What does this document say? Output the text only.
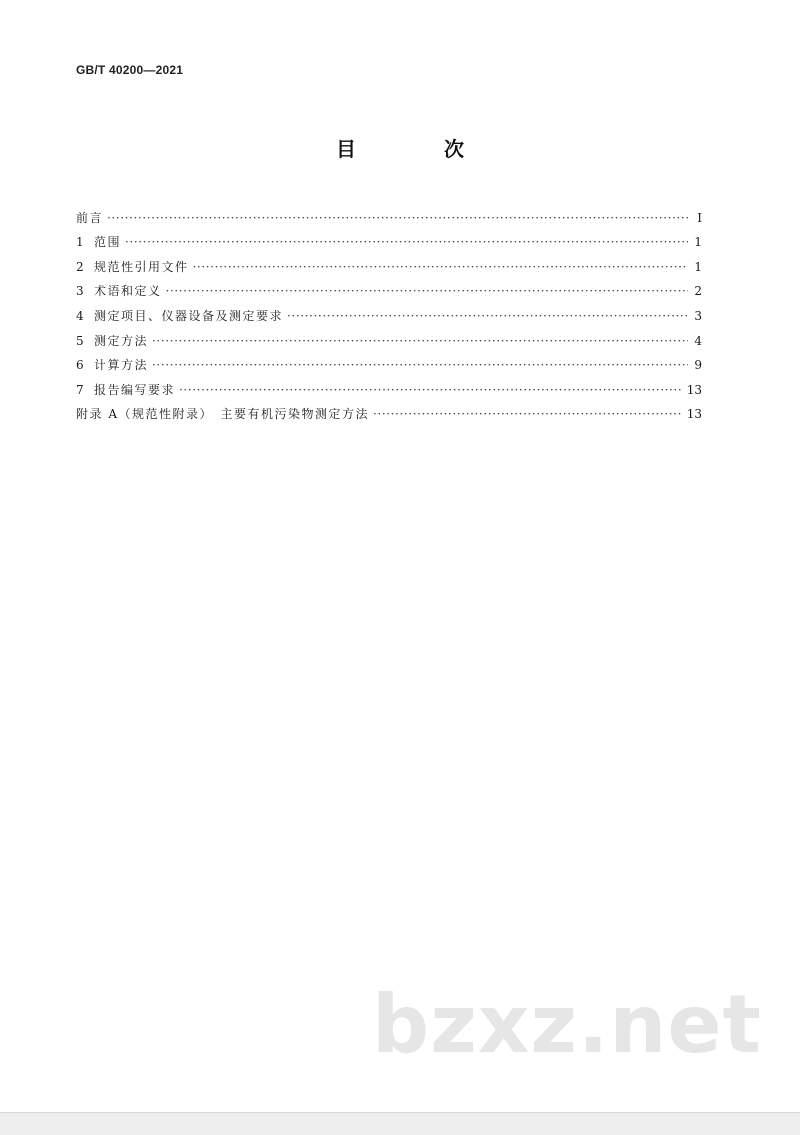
GB/T 40200—2021
目　次
前言 ·····	Ⅰ
1 范围 ·····	1
2 规范性引用文件 ·····	1
3 术语和定义 ·····	2
4 测定项目、仪器设备及测定要求 ·····	3
5 测定方法 ·····	4
6 计算方法 ·····	9
7 报告编写要求 ·····	13
附录 A（规范性附录）　主要有机污染物测定方法 ·····	13
bzxz.net
